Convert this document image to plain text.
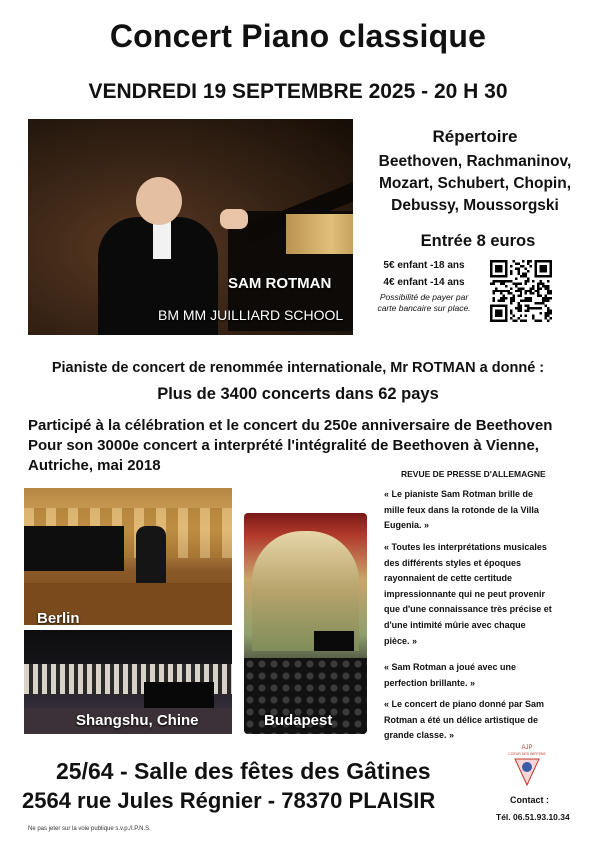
Concert Piano classique
VENDREDI 19 SEPTEMBRE 2025 - 20 H 30
SAM ROTMAN
BM MM JUILLIARD SCHOOL
Répertoire
Beethoven, Rachmaninov,
Mozart, Schubert, Chopin,
Debussy, Moussorgski
Entrée 8 euros
5€ enfant -18 ans
4€ enfant -14 ans
Possibilité de payer par
carte bancaire sur place.
Pianiste de concert de renommée internationale, Mr ROTMAN a donné :
Plus de 3400 concerts dans 62 pays
Participé à la célébration et le concert du 250e anniversaire de Beethoven
Pour son 3000e concert a interprété l'intégralité de Beethoven à Vienne,
Autriche, mai 2018
Berlin
Shangshu, Chine	Budapest
REVUE DE PRESSE D'ALLEMAGNE
« Le pianiste Sam Rotman brille de
mille feux dans la rotonde de la Villa
Eugenia. »
« Toutes les interprétations musicales
des différents styles et époques
rayonnaient de cette certitude
impressionnante qui ne peut provenir
que d'une connaissance très précise et
d'une intimité mûrie avec chaque
pièce. »
« Sam Rotman a joué avec une
perfection brillante. »
« Le concert de piano donné par Sam
Rotman a été un délice artistique de
grande classe. »
25/64 - Salle des fêtes des Gâtines
2564 rue Jules Régnier - 78370 PLAISIR
AJP
COEUR DES WIFFENS
Contact :
Tél. 06.51.93.10.34
Ne pas jeter sur la voie publique s.v.p./I.P.N.S.
